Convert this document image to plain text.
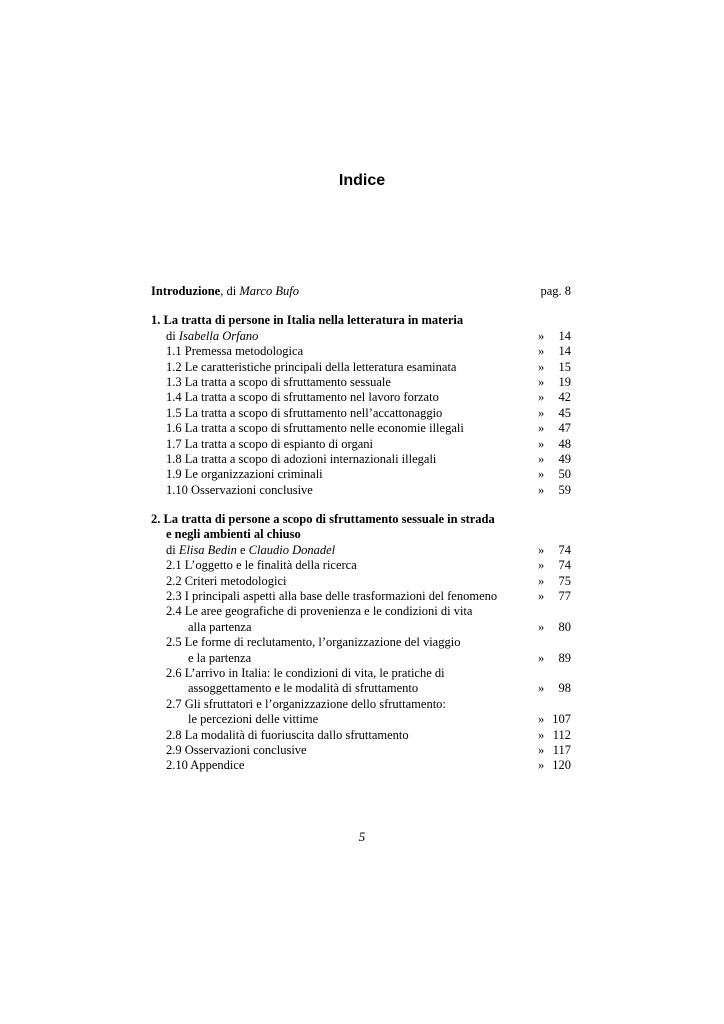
Indice
Introduzione, di Marco Bufo	pag. 8
1. La tratta di persone in Italia nella letteratura in materia
di Isabella Orfano	» 14
1.1 Premessa metodologica	» 14
1.2 Le caratteristiche principali della letteratura esaminata	» 15
1.3 La tratta a scopo di sfruttamento sessuale	» 19
1.4 La tratta a scopo di sfruttamento nel lavoro forzato	» 42
1.5 La tratta a scopo di sfruttamento nell’accattonaggio	» 45
1.6 La tratta a scopo di sfruttamento nelle economie illegali	» 47
1.7 La tratta a scopo di espianto di organi	» 48
1.8 La tratta a scopo di adozioni internazionali illegali	» 49
1.9 Le organizzazioni criminali	» 50
1.10 Osservazioni conclusive	» 59
2. La tratta di persone a scopo di sfruttamento sessuale in strada
e negli ambienti al chiuso
di Elisa Bedin e Claudio Donadel	» 74
2.1 L’oggetto e le finalità della ricerca	» 74
2.2 Criteri metodologici	» 75
2.3 I principali aspetti alla base delle trasformazioni del fenomeno	» 77
2.4 Le aree geografiche di provenienza e le condizioni di vita
alla partenza	» 80
2.5 Le forme di reclutamento, l’organizzazione del viaggio
e la partenza	» 89
2.6 L’arrivo in Italia: le condizioni di vita, le pratiche di
assoggettamento e le modalità di sfruttamento	» 98
2.7 Gli sfruttatori e l’organizzazione dello sfruttamento:
le percezioni delle vittime	» 107
2.8 La modalità di fuoriuscita dallo sfruttamento	» 112
2.9 Osservazioni conclusive	» 117
2.10 Appendice	» 120
5
